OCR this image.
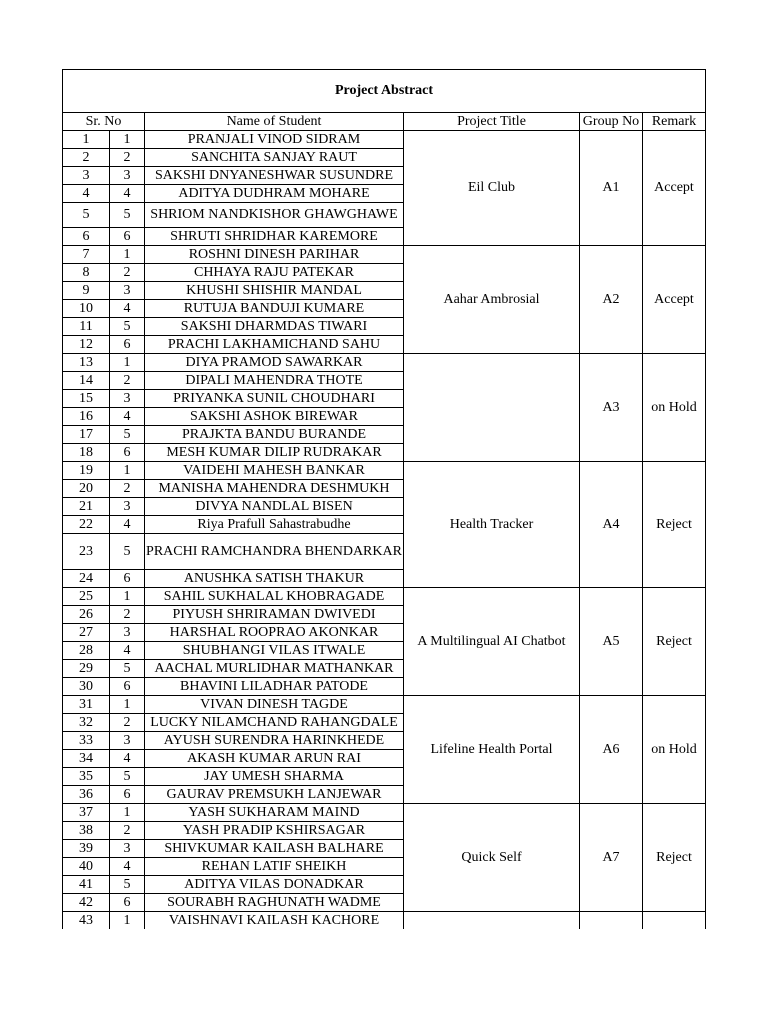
Project Abstract					
Sr. No		Name of Student	Project Title	Group No	Remark
1	1	PRANJALI VINOD SIDRAM	Eil Club	A1	Accept
2	2	SANCHITA SANJAY RAUT			
3	3	SAKSHI DNYANESHWAR SUSUNDRE			
4	4	ADITYA DUDHRAM MOHARE			
5	5	SHRIOM NANDKISHOR GHAWGHAWE			
6	6	SHRUTI SHRIDHAR KAREMORE			
7	1	ROSHNI DINESH PARIHAR	Aahar Ambrosial	A2	Accept
8	2	CHHAYA RAJU PATEKAR			
9	3	KHUSHI SHISHIR MANDAL			
10	4	RUTUJA BANDUJI KUMARE			
11	5	SAKSHI DHARMDAS TIWARI			
12	6	PRACHI LAKHAMICHAND SAHU			
13	1	DIYA PRAMOD SAWARKAR		A3	on Hold
14	2	DIPALI MAHENDRA THOTE			
15	3	PRIYANKA SUNIL CHOUDHARI			
16	4	SAKSHI ASHOK BIREWAR			
17	5	PRAJKTA BANDU BURANDE			
18	6	MESH KUMAR DILIP RUDRAKAR			
19	1	VAIDEHI MAHESH BANKAR	Health Tracker	A4	Reject
20	2	MANISHA MAHENDRA DESHMUKH			
21	3	DIVYA NANDLAL BISEN			
22	4	Riya Prafull Sahastrabudhe			
23	5	PRACHI RAMCHANDRA BHENDARKAR			
24	6	ANUSHKA SATISH THAKUR			
25	1	SAHIL SUKHALAL KHOBRAGADE	A Multilingual AI Chatbot	A5	Reject
26	2	PIYUSH SHRIRAMAN DWIVEDI			
27	3	HARSHAL ROOPRAO AKONKAR			
28	4	SHUBHANGI VILAS ITWALE			
29	5	AACHAL MURLIDHAR MATHANKAR			
30	6	BHAVINI LILADHAR PATODE			
31	1	VIVAN DINESH TAGDE	Lifeline Health Portal	A6	on Hold
32	2	LUCKY NILAMCHAND RAHANGDALE			
33	3	AYUSH SURENDRA HARINKHEDE			
34	4	AKASH KUMAR ARUN RAI			
35	5	JAY UMESH SHARMA			
36	6	GAURAV PREMSUKH LANJEWAR			
37	1	YASH SUKHARAM MAIND	Quick Self	A7	Reject
38	2	YASH PRADIP KSHIRSAGAR			
39	3	SHIVKUMAR KAILASH BALHARE			
40	4	REHAN LATIF SHEIKH			
41	5	ADITYA VILAS DONADKAR			
42	6	SOURABH RAGHUNATH WADME			
43	1	VAISHNAVI KAILASH KACHORE			
